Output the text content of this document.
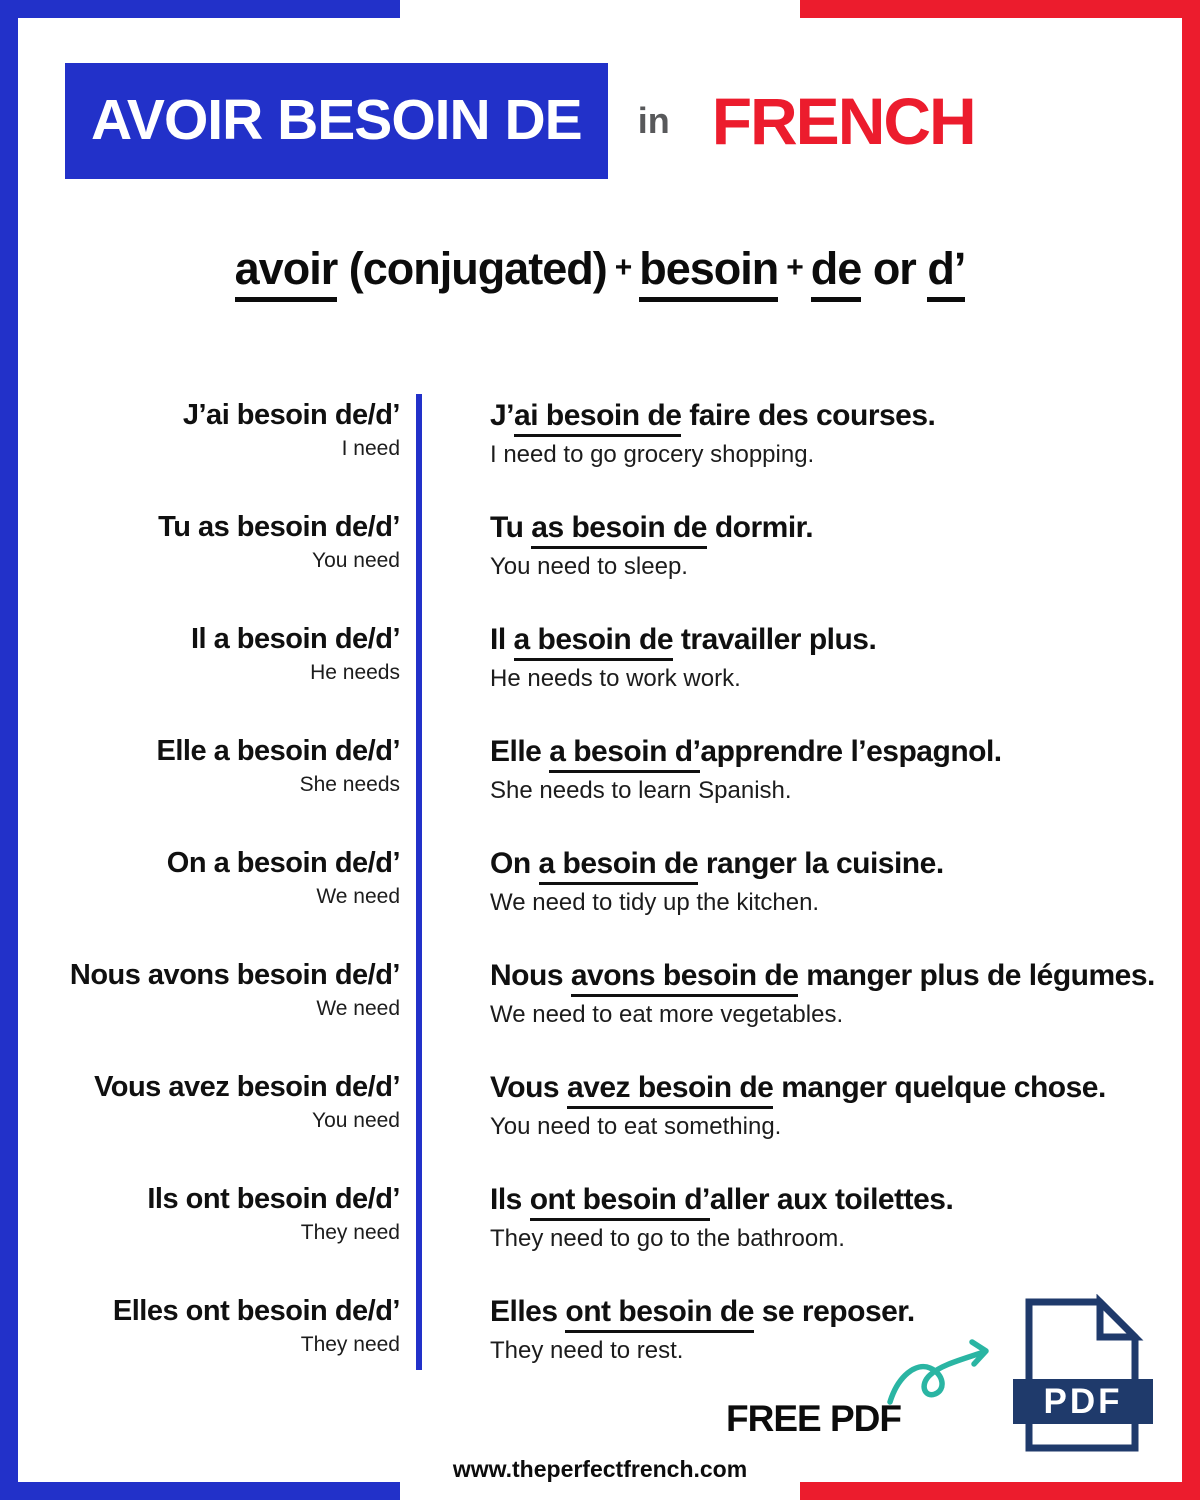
AVOIR BESOIN DE	in FRENCH
avoir (conjugated) + besoin + de or d’
J’ai besoin de/d’
I need
J’ai besoin de faire des courses.
I need to go grocery shopping.
Tu as besoin de/d’
You need
Tu as besoin de dormir.
You need to sleep.
Il a besoin de/d’
He needs
Il a besoin de travailler plus.
He needs to work work.
Elle a besoin de/d’
She needs
Elle a besoin d’apprendre l’espagnol.
She needs to learn Spanish.
On a besoin de/d’
We need
On a besoin de ranger la cuisine.
We need to tidy up the kitchen.
Nous avons besoin de/d’
We need
Nous avons besoin de manger plus de légumes.
We need to eat more vegetables.
Vous avez besoin de/d’
You need
Vous avez besoin de manger quelque chose.
You need to eat something.
Ils ont besoin de/d’
They need
Ils ont besoin d’aller aux toilettes.
They need to go to the bathroom.
Elles ont besoin de/d’
They need
Elles ont besoin de se reposer.
They need to rest.
FREE PDF	PDF
www.theperfectfrench.com
